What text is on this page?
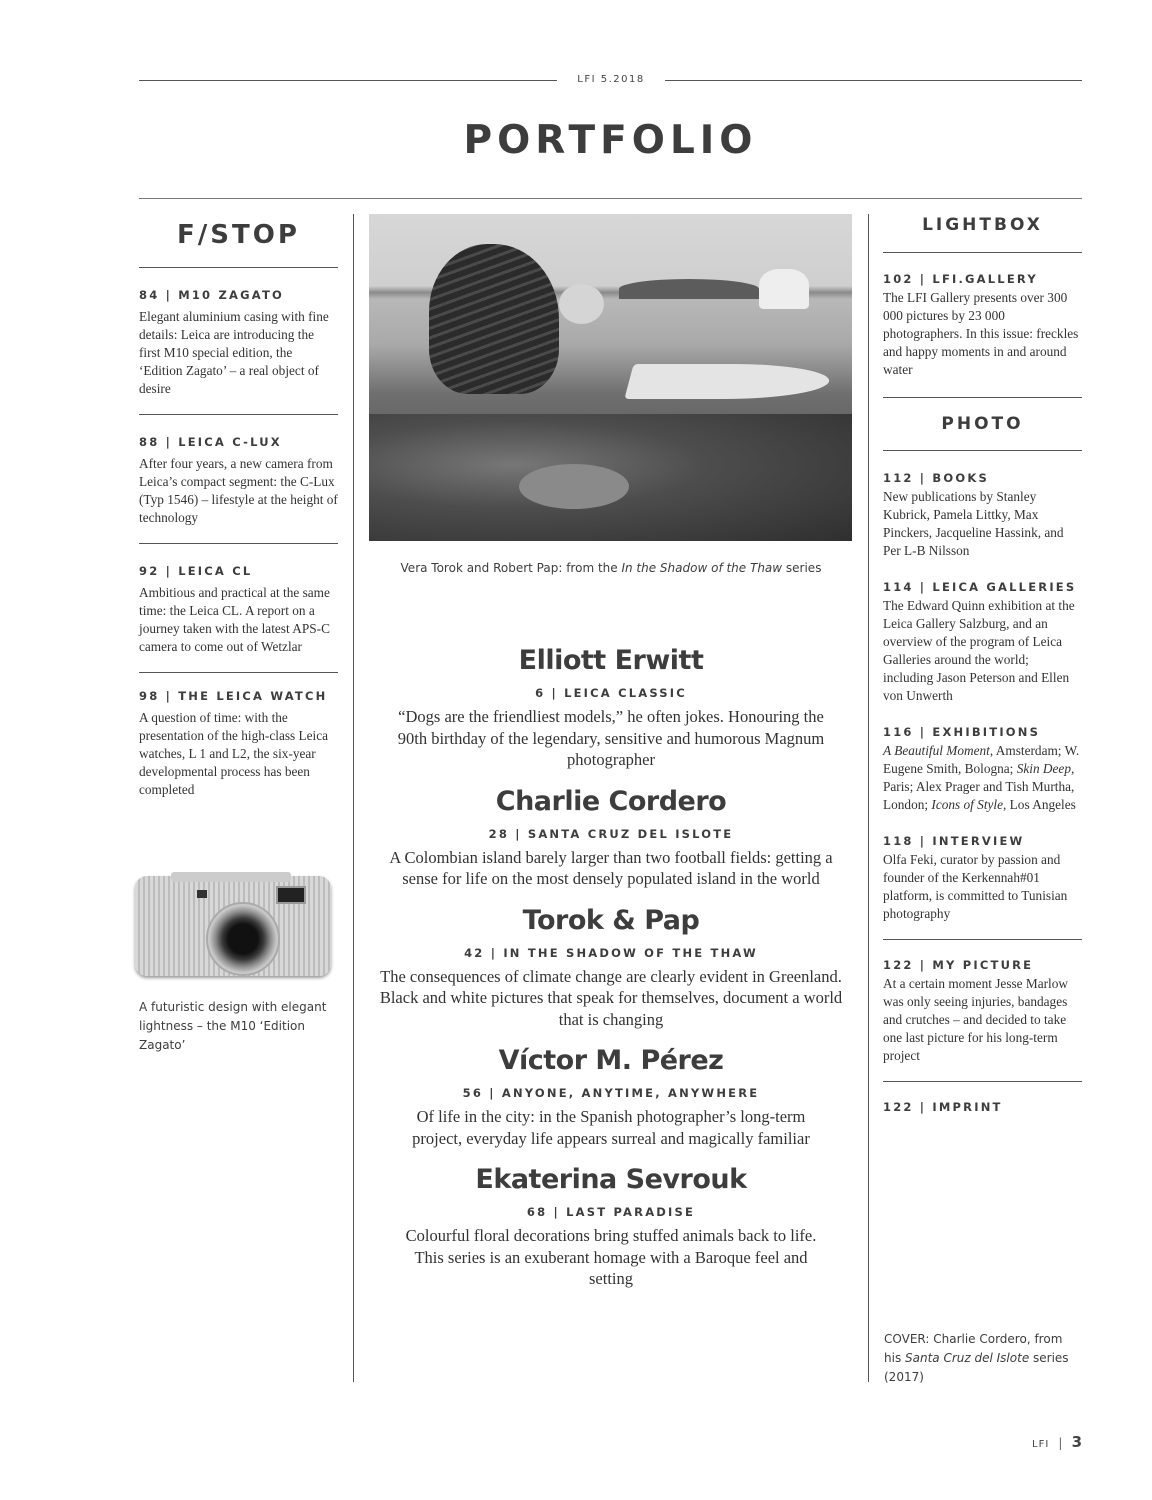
LFI 5.2018
PORTFOLIO
F/STOP
84 | M10 ZAGATO
Elegant aluminium casing with fine details: Leica are introducing the first M10 special edition, the ‘Edition Zagato’ – a real object of desire
88 | LEICA C-LUX
After four years, a new camera from Leica’s compact segment: the C-Lux (Typ 1546) – lifestyle at the height of technology
92 | LEICA CL
Ambitious and practical at the same time: the Leica CL. A report on a journey taken with the latest APS-C camera to come out of Wetzlar
98 | THE LEICA WATCH
A question of time: with the presentation of the high-class Leica watches, L 1 and L2, the six-year developmental process has been completed
A futuristic design with elegant lightness – the M10 ‘Edition Zagato’
Vera Torok and Robert Pap: from the In the Shadow of the Thaw series
Elliott Erwitt
6 | LEICA CLASSIC

“Dogs are the friendliest models,” he often jokes. Honouring the 90th birthday of the legendary, sensitive and humorous Magnum photographer

Charlie Cordero
28 | SANTA CRUZ DEL ISLOTE

A Colombian island barely larger than two football fields: getting a sense for life on the most densely populated island in the world

Torok & Pap
42 | IN THE SHADOW OF THE THAW

The consequences of climate change are clearly evident in Greenland. Black and white pictures that speak for themselves, document a world that is changing

Víctor M. Pérez
56 | ANYONE, ANYTIME, ANYWHERE

Of life in the city: in the Spanish photographer’s long-term project, everyday life appears surreal and magically familiar

Ekaterina Sevrouk
68 | LAST PARADISE

Colourful floral decorations bring stuffed animals back to life. This series is an exuberant homage with a Baroque feel and setting

LIGHTBOX
102 | LFI.GALLERY
The LFI Gallery presents over 300 000 pictures by 23 000 photographers. In this issue: freckles and happy moments in and around water
PHOTO
112 | BOOKS
New publications by Stanley Kubrick, Pamela Littky, Max Pinckers, Jacqueline Hassink, and Per L-B Nilsson
114 | LEICA GALLERIES
The Edward Quinn exhibition at the Leica Gallery Salzburg, and an overview of the program of Leica Galleries around the world; including Jason Peterson and Ellen von Unwerth
116 | EXHIBITIONS
A Beautiful Moment, Amsterdam; W. Eugene Smith, Bologna; Skin Deep, Paris; Alex Prager and Tish Murtha, London; Icons of Style, Los Angeles
118 | INTERVIEW
Olfa Feki, curator by passion and founder of the Kerkennah#01 platform, is committed to Tunisian photography
122 | MY PICTURE
At a certain moment Jesse Marlow was only seeing injuries, bandages and crutches – and decided to take one last picture for his long-term project
122 | IMPRINT
COVER: Charlie Cordero, from his Santa Cruz del Islote series (2017)
LFI | 3
